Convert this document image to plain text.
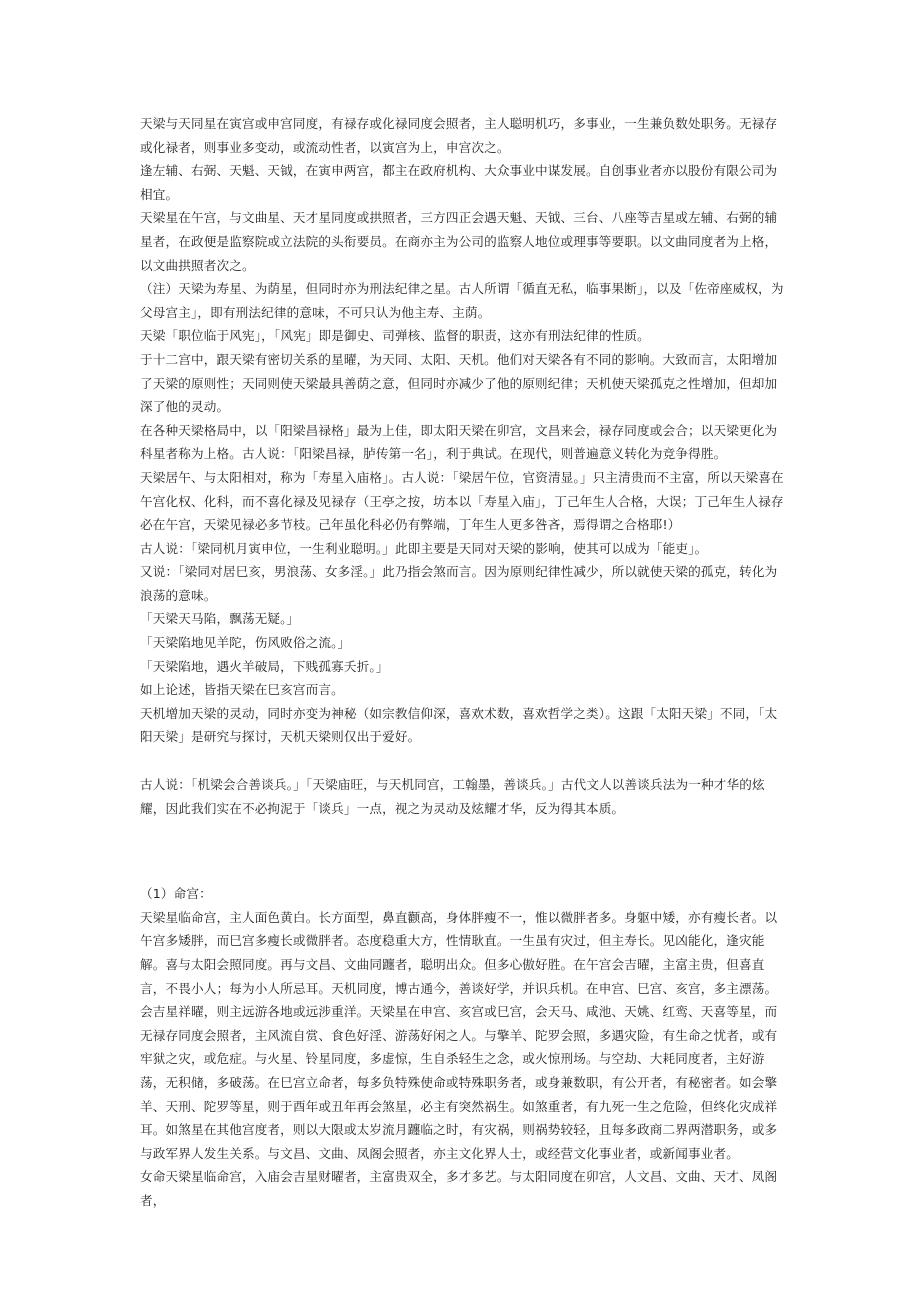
天梁与天同星在寅宫或申宫同度，有禄存或化禄同度会照者，主人聪明机巧，多事业，一生兼负数处职务。无禄存或化禄者，则事业多变动，或流动性者，以寅宫为上，申宫次之。

逢左辅、右弼、天魁、天钺，在寅申两宫，都主在政府机构、大众事业中谋发展。自创事业者亦以股份有限公司为相宜。

天梁星在午宫，与文曲星、天才星同度或拱照者，三方四正会遇天魁、天钺、三台、八座等吉星或左辅、右弼的辅星者，在政便是监察院或立法院的头衔要员。在商亦主为公司的监察人地位或理事等要职。以文曲同度者为上格，以文曲拱照者次之。

（注）天梁为寿星、为荫星，但同时亦为刑法纪律之星。古人所谓「循直无私，临事果断」，以及「佐帝座威权，为父母宫主」，即有刑法纪律的意味，不可只认为他主寿、主荫。

天梁「职位临于风宪」，「风宪」即是御史、司弹核、监督的职责，这亦有刑法纪律的性质。

于十二宫中，跟天梁有密切关系的星曜，为天同、太阳、天机。他们对天梁各有不同的影响。大致而言，太阳增加了天梁的原则性；天同则使天梁最具善荫之意，但同时亦减少了他的原则纪律；天机使天梁孤克之性增加，但却加深了他的灵动。

在各种天梁格局中，以「阳梁昌禄格」最为上佳，即太阳天梁在卯宫，文昌来会，禄存同度或会合；以天梁更化为科星者称为上格。古人说：「阳梁昌禄，胪传第一名」，利于典试。在现代，则普遍意义转化为竞争得胜。

天梁居午、与太阳相对，称为「寿星入庙格」。古人说：「梁居午位，官资清显。」只主清贵而不主富，所以天梁喜在午宫化权、化科，而不喜化禄及见禄存（王亭之按，坊本以「寿星入庙」，丁己年生人合格，大误；丁己年生人禄存必在午宫，天梁见禄必多节枝。己年虽化科必仍有弊端，丁年生人更多咎吝，焉得谓之合格耶!）

古人说：「梁同机月寅申位，一生利业聪明。」此即主要是天同对天梁的影响，使其可以成为「能吏」。

又说：「梁同对居巳亥，男浪荡、女多淫。」此乃指会煞而言。因为原则纪律性减少，所以就使天梁的孤克，转化为浪荡的意味。

「天梁天马陷，飘荡无疑。」

「天梁陷地见羊陀，伤风败俗之流。」

「天梁陷地，遇火羊破局，下贱孤寡夭折。」

如上论述，皆指天梁在巳亥宫而言。

天机增加天梁的灵动，同时亦变为神秘（如宗教信仰深，喜欢术数，喜欢哲学之类）。这跟「太阳天梁」不同，「太阳天梁」是研究与探讨，天机天梁则仅出于爱好。

古人说：「机梁会合善谈兵。」「天梁庙旺，与天机同宫，工翰墨，善谈兵。」古代文人以善谈兵法为一种才华的炫耀，因此我们实在不必拘泥于「谈兵」一点，视之为灵动及炫耀才华，反为得其本质。

（1）命宫：

天梁星临命宫，主人面色黄白。长方面型，鼻直颧高，身体胖瘦不一，惟以微胖者多。身躯中矮，亦有瘦长者。以午宫多矮胖，而巳宫多瘦长或微胖者。态度稳重大方，性情耿直。一生虽有灾过，但主寿长。见凶能化，逢灾能解。喜与太阳会照同度。再与文昌、文曲同躔者，聪明出众。但多心傲好胜。在午宫会吉曜，主富主贵，但喜直言，不畏小人；每为小人所忌耳。天机同度，博古通今，善谈好学，并识兵机。在申宫、巳宫、亥宫，多主漂荡。会吉星祥曜，则主远游各地或远涉重洋。天梁星在申宫、亥宫或巳宫，会天马、咸池、天姚、红鸾、天喜等星，而无禄存同度会照者，主风流自赏、食色好淫、游荡好闲之人。与擎羊、陀罗会照，多遇灾险，有生命之忧者，或有牢狱之灾，或危症。与火星、铃星同度，多虚惊，生自杀轻生之念，或火惊刑场。与空劫、大耗同度者，主好游荡，无积储，多破荡。在巳宫立命者，每多负特殊使命或特殊职务者，或身兼数职，有公开者，有秘密者。如会擎羊、天刑、陀罗等星，则于酉年或丑年再会煞星，必主有突然祸生。如煞重者，有九死一生之危险，但终化灾成祥耳。如煞星在其他宫度者，则以大限或太岁流月躔临之时，有灾祸，则祸势较轻，且每多政商二界两潜职务，或多与政军界人发生关系。与文昌、文曲、凤阁会照者，亦主文化界人士，或经营文化事业者，或新闻事业者。

女命天梁星临命宫，入庙会吉星财曜者，主富贵双全，多才多艺。与太阳同度在卯宫，人文昌、文曲、天才、凤阁者，
